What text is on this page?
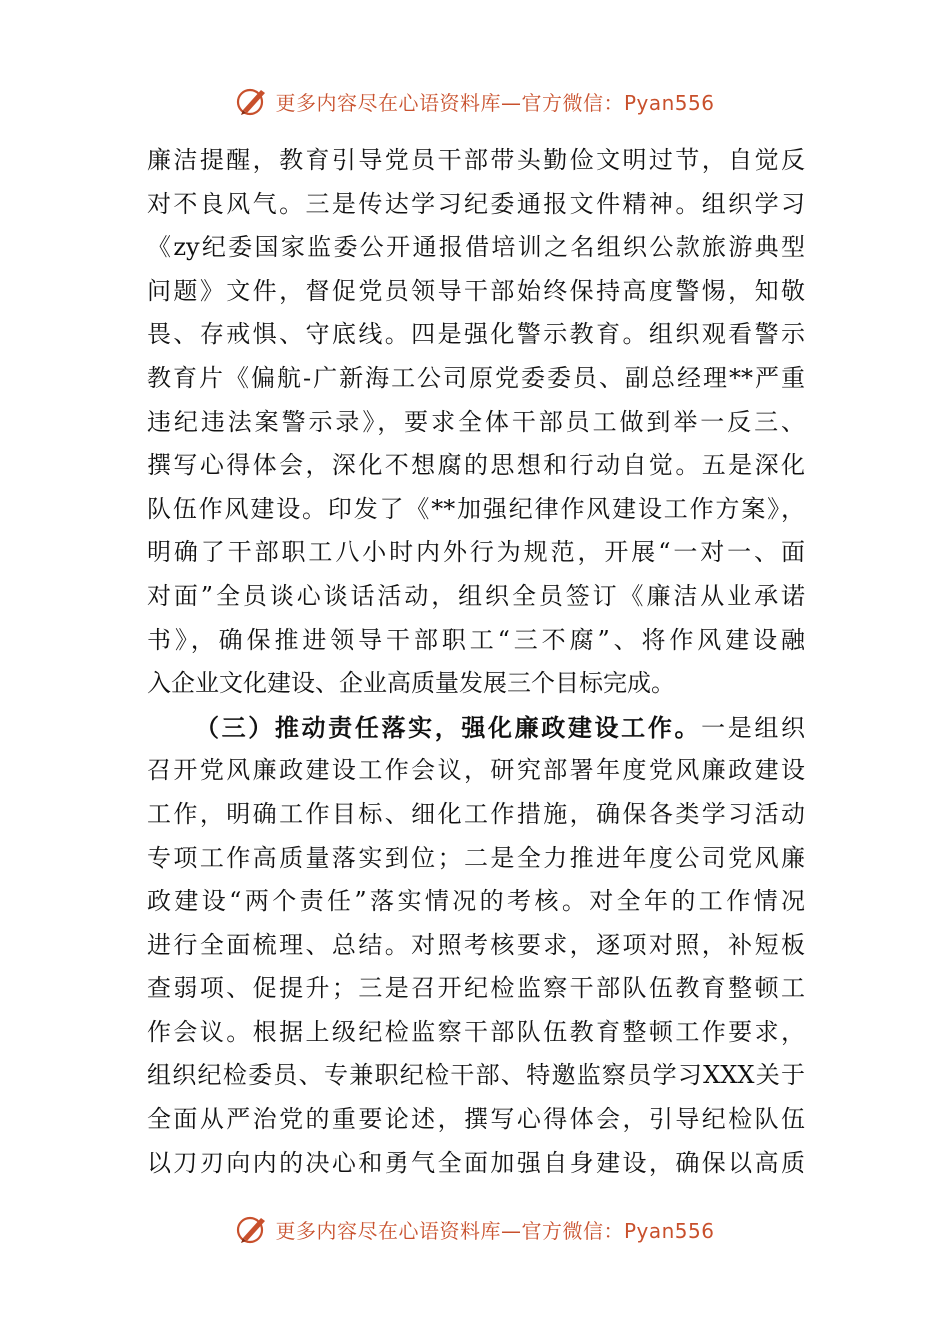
更多内容尽在心语资料库—官方微信：Pyan556
廉洁提醒，教育引导党员干部带头勤俭文明过节，自觉反
对不良风气。三是传达学习纪委通报文件精神。组织学习
《zy纪委国家监委公开通报借培训之名组织公款旅游典型
问题》文件，督促党员领导干部始终保持高度警惕，知敬
畏、存戒惧、守底线。四是强化警示教育。组织观看警示
教育片《偏航-广新海工公司原党委委员、副总经理**严重
违纪违法案警示录》，要求全体干部员工做到举一反三、
撰写心得体会，深化不想腐的思想和行动自觉。五是深化
队伍作风建设。印发了《**加强纪律作风建设工作方案》，
明确了干部职工八小时内外行为规范，开展“一对一、面
对面”全员谈心谈话活动，组织全员签订《廉洁从业承诺
书》，确保推进领导干部职工“三不腐”、将作风建设融
入企业文化建设、企业高质量发展三个目标完成。
（三）推动责任落实，强化廉政建设工作。一是组织
召开党风廉政建设工作会议，研究部署年度党风廉政建设
工作，明确工作目标、细化工作措施，确保各类学习活动
专项工作高质量落实到位；二是全力推进年度公司党风廉
政建设“两个责任”落实情况的考核。对全年的工作情况
进行全面梳理、总结。对照考核要求，逐项对照，补短板
查弱项、促提升；三是召开纪检监察干部队伍教育整顿工
作会议。根据上级纪检监察干部队伍教育整顿工作要求，
组织纪检委员、专兼职纪检干部、特邀监察员学习XXX关于
全面从严治党的重要论述，撰写心得体会，引导纪检队伍
以刀刃向内的决心和勇气全面加强自身建设，确保以高质
更多内容尽在心语资料库—官方微信：Pyan556
